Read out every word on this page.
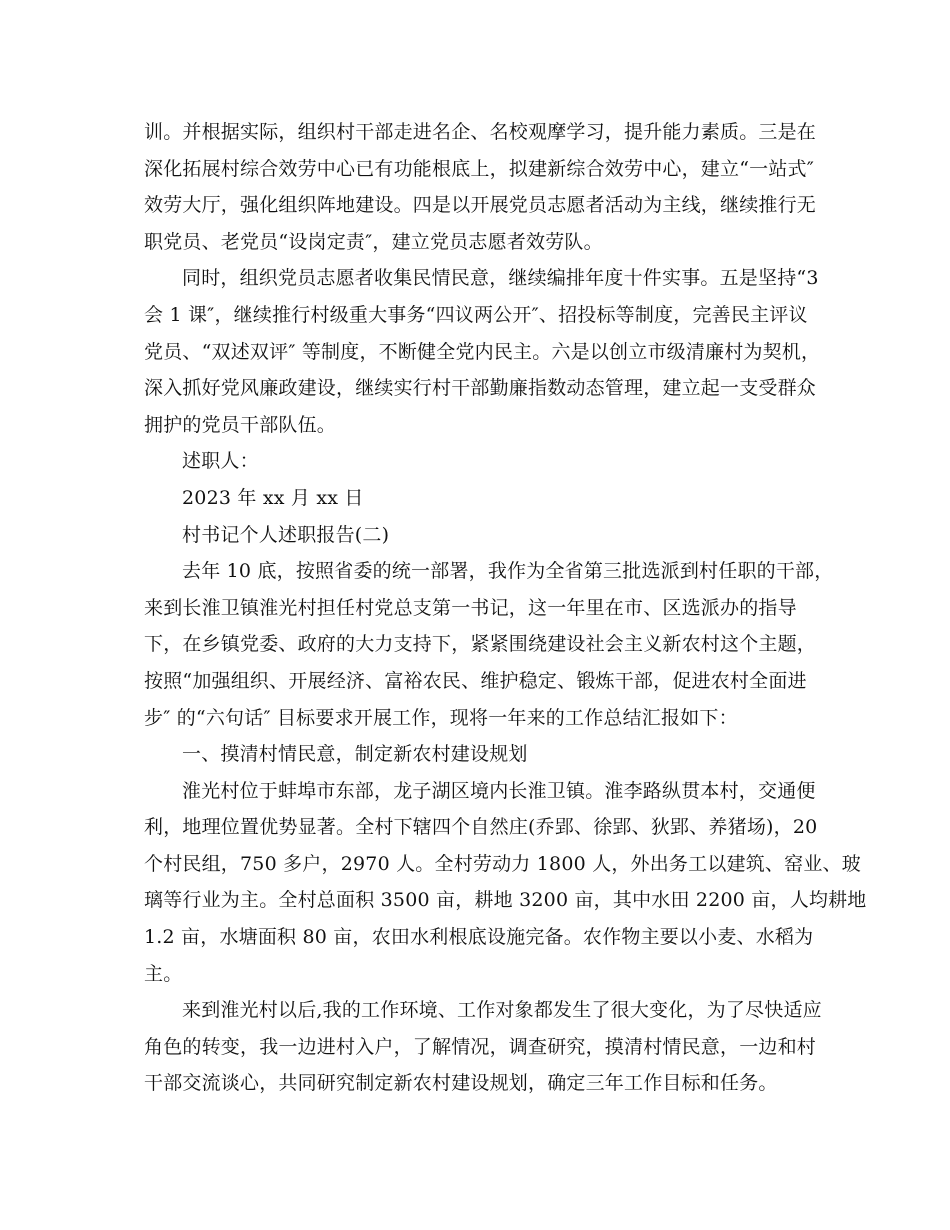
训。并根据实际，组织村干部走进名企、名校观摩学习，提升能力素质。三是在
深化拓展村综合效劳中心已有功能根底上，拟建新综合效劳中心，建立“一站式″
效劳大厅，强化组织阵地建设。四是以开展党员志愿者活动为主线，继续推行无
职党员、老党员“设岗定责″，建立党员志愿者效劳队。
同时，组织党员志愿者收集民情民意，继续编排年度十件实事。五是坚持“3
会 1 课″，继续推行村级重大事务“四议两公开″、招投标等制度，完善民主评议
党员、“双述双评″ 等制度，不断健全党内民主。六是以创立市级清廉村为契机，
深入抓好党风廉政建设，继续实行村干部勤廉指数动态管理，建立起一支受群众
拥护的党员干部队伍。
述职人：
2023 年 xx 月 xx 日
村书记个人述职报告(二)
去年 10 底，按照省委的统一部署，我作为全省第三批选派到村任职的干部，
来到长淮卫镇淮光村担任村党总支第一书记，这一年里在市、区选派办的指导
下，在乡镇党委、政府的大力支持下，紧紧围绕建设社会主义新农村这个主题，
按照“加强组织、开展经济、富裕农民、维护稳定、锻炼干部，促进农村全面进
步″ 的“六句话″ 目标要求开展工作，现将一年来的工作总结汇报如下：
一、摸清村情民意，制定新农村建设规划
淮光村位于蚌埠市东部，龙子湖区境内长淮卫镇。淮李路纵贯本村，交通便
利，地理位置优势显著。全村下辖四个自然庄(乔郢、徐郢、狄郢、养猪场)，20
个村民组，750 多户，2970 人。全村劳动力 1800 人，外出务工以建筑、窑业、玻
璃等行业为主。全村总面积 3500 亩，耕地 3200 亩，其中水田 2200 亩，人均耕地
1.2 亩，水塘面积 80 亩，农田水利根底设施完备。农作物主要以小麦、水稻为
主。
来到淮光村以后,我的工作环境、工作对象都发生了很大变化，为了尽快适应
角色的转变，我一边进村入户，了解情况，调查研究，摸清村情民意，一边和村
干部交流谈心，共同研究制定新农村建设规划，确定三年工作目标和任务。
